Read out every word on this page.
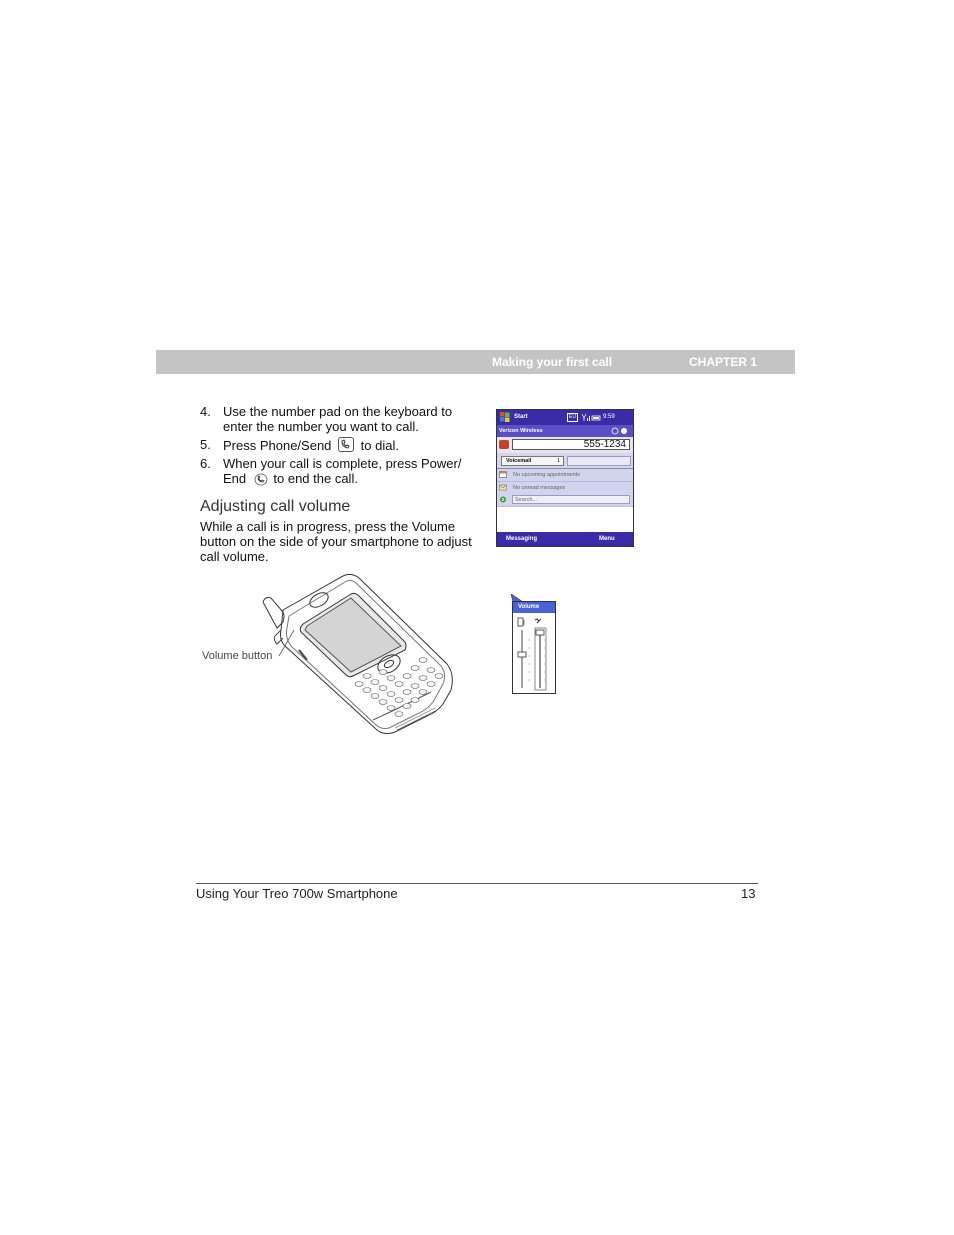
Making your first call	CHAPTER 1
4. Use the number pad on the keyboard to enter the number you want to call.
5. Press Phone/Send to dial.
6. When your call is complete, press Power/ End to end the call.
Adjusting call volume
While a call is in progress, press the Volume button on the side of your smartphone to adjust call volume.
Start	EU	9:59
Verizon Wireless
555-1234
Voicemail	1
No upcoming appointments
No unread messages
Search...
Messaging	Menu
Volume button
Volume
Using Your Treo 700w Smartphone	13
